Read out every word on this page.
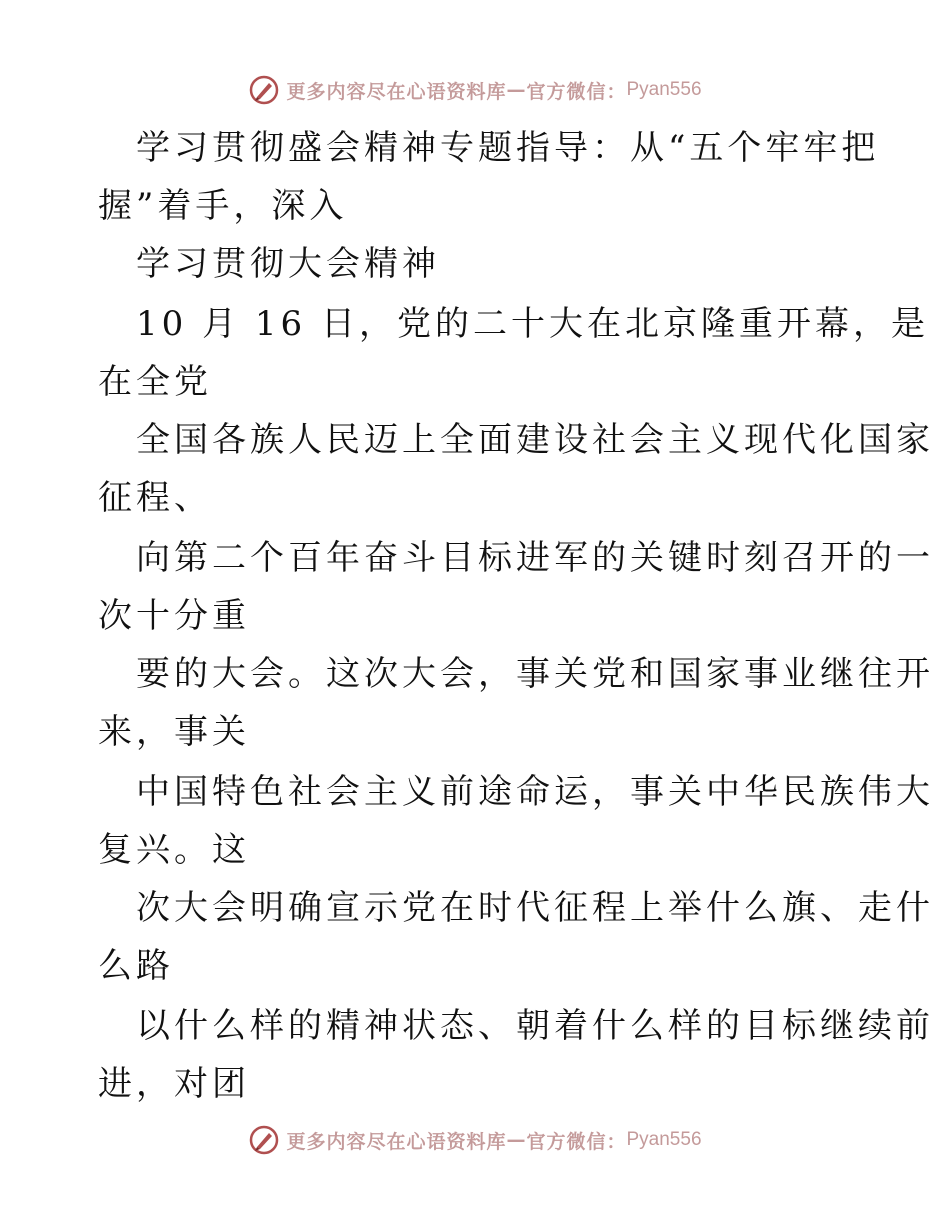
更多内容尽在心语资料库 — 官方微信： Pyan556
学习贯彻盛会精神专题指导：从“五个牢牢把
握”着手，深入
学习贯彻大会精神
10 月 16 日，党的二十大在北京隆重开幕，是
在全党
全国各族人民迈上全面建设社会主义现代化国家
征程、
向第二个百年奋斗目标进军的关键时刻召开的一
次十分重
要的大会。这次大会，事关党和国家事业继往开
来，事关
中国特色社会主义前途命运，事关中华民族伟大
复兴。这
次大会明确宣示党在时代征程上举什么旗、走什
么路
以什么样的精神状态、朝着什么样的目标继续前
进，对团
更多内容尽在心语资料库 — 官方微信： Pyan556
